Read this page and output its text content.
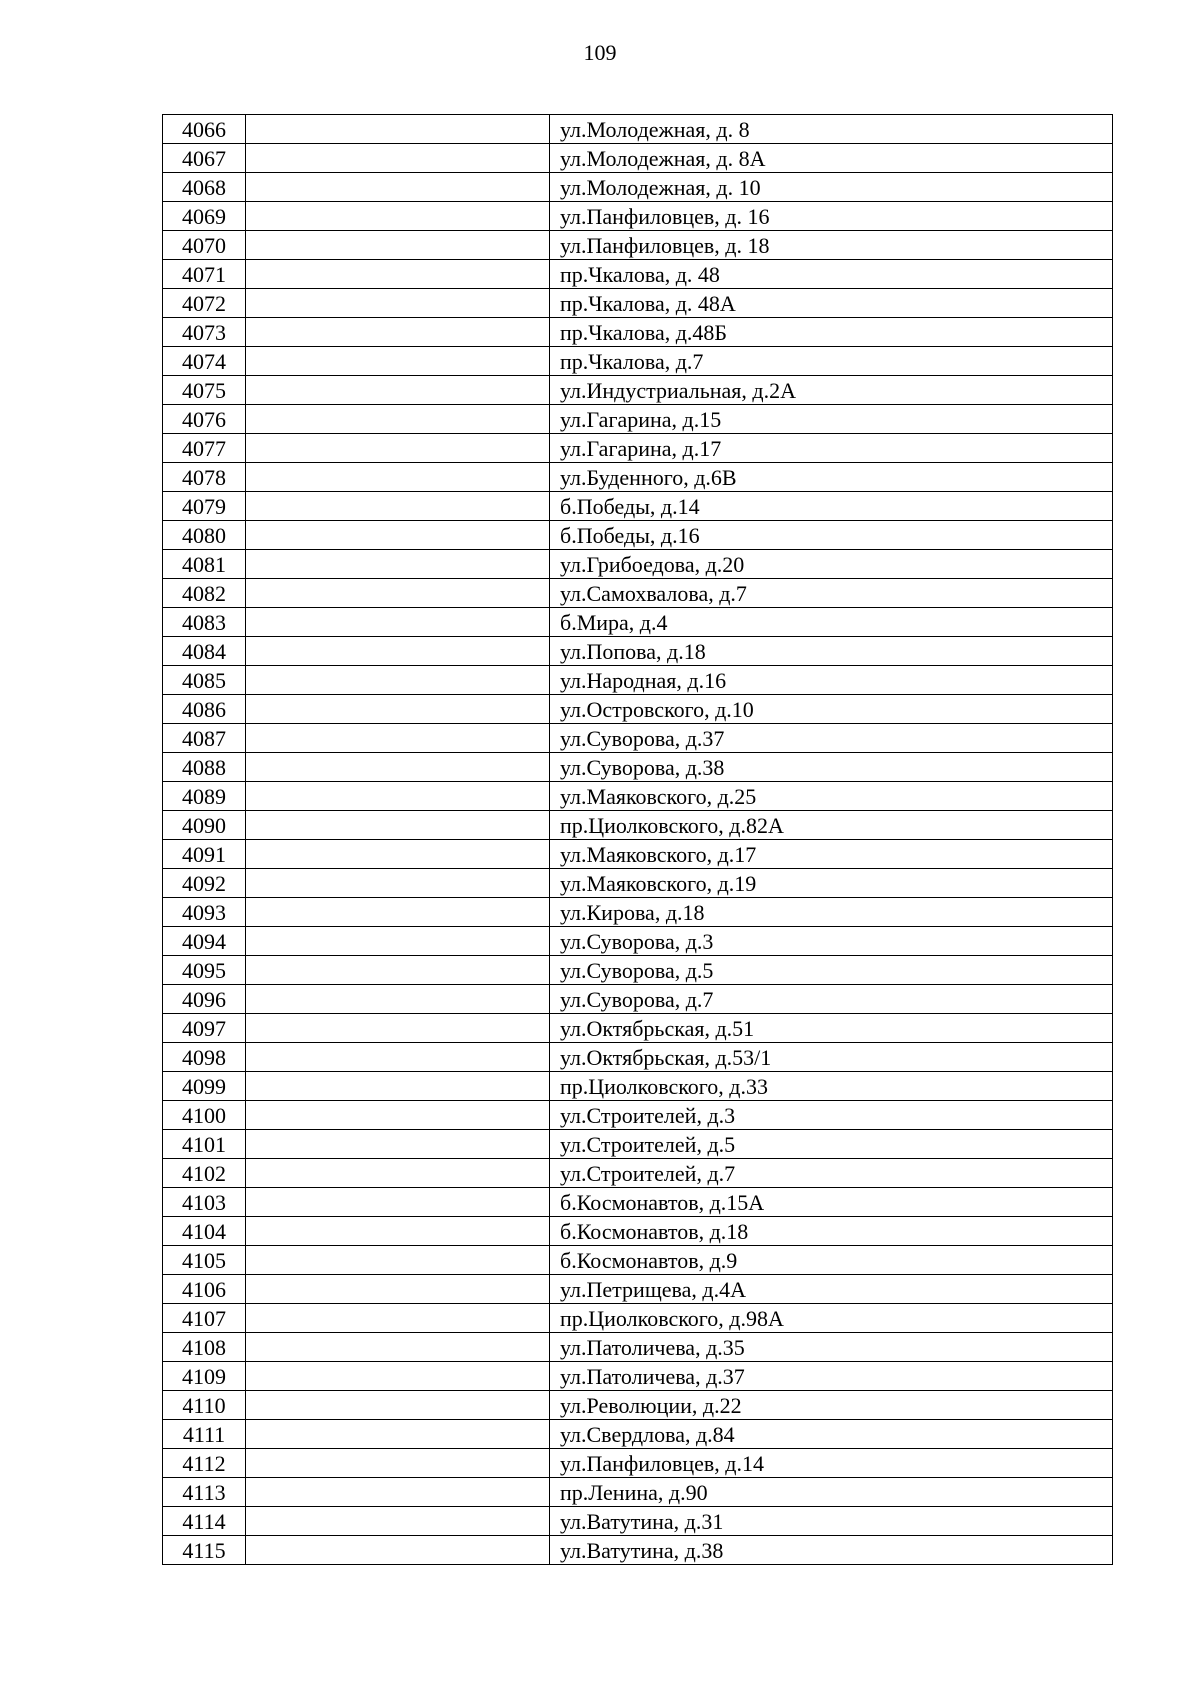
109
4066		ул.Молодежная, д. 8
4067		ул.Молодежная, д. 8А
4068		ул.Молодежная, д. 10
4069		ул.Панфиловцев, д. 16
4070		ул.Панфиловцев, д. 18
4071		пр.Чкалова, д. 48
4072		пр.Чкалова, д. 48А
4073		пр.Чкалова, д.48Б
4074		пр.Чкалова, д.7
4075		ул.Индустриальная, д.2А
4076		ул.Гагарина, д.15
4077		ул.Гагарина, д.17
4078		ул.Буденного, д.6В
4079		б.Победы, д.14
4080		б.Победы, д.16
4081		ул.Грибоедова, д.20
4082		ул.Самохвалова, д.7
4083		б.Мира, д.4
4084		ул.Попова, д.18
4085		ул.Народная, д.16
4086		ул.Островского, д.10
4087		ул.Суворова, д.37
4088		ул.Суворова, д.38
4089		ул.Маяковского, д.25
4090		пр.Циолковского, д.82А
4091		ул.Маяковского, д.17
4092		ул.Маяковского, д.19
4093		ул.Кирова, д.18
4094		ул.Суворова, д.3
4095		ул.Суворова, д.5
4096		ул.Суворова, д.7
4097		ул.Октябрьская, д.51
4098		ул.Октябрьская, д.53/1
4099		пр.Циолковского, д.33
4100		ул.Строителей, д.3
4101		ул.Строителей, д.5
4102		ул.Строителей, д.7
4103		б.Космонавтов, д.15А
4104		б.Космонавтов, д.18
4105		б.Космонавтов, д.9
4106		ул.Петрищева, д.4А
4107		пр.Циолковского, д.98А
4108		ул.Патоличева, д.35
4109		ул.Патоличева, д.37
4110		ул.Революции, д.22
4111		ул.Свердлова, д.84
4112		ул.Панфиловцев, д.14
4113		пр.Ленина, д.90
4114		ул.Ватутина, д.31
4115		ул.Ватутина, д.38
